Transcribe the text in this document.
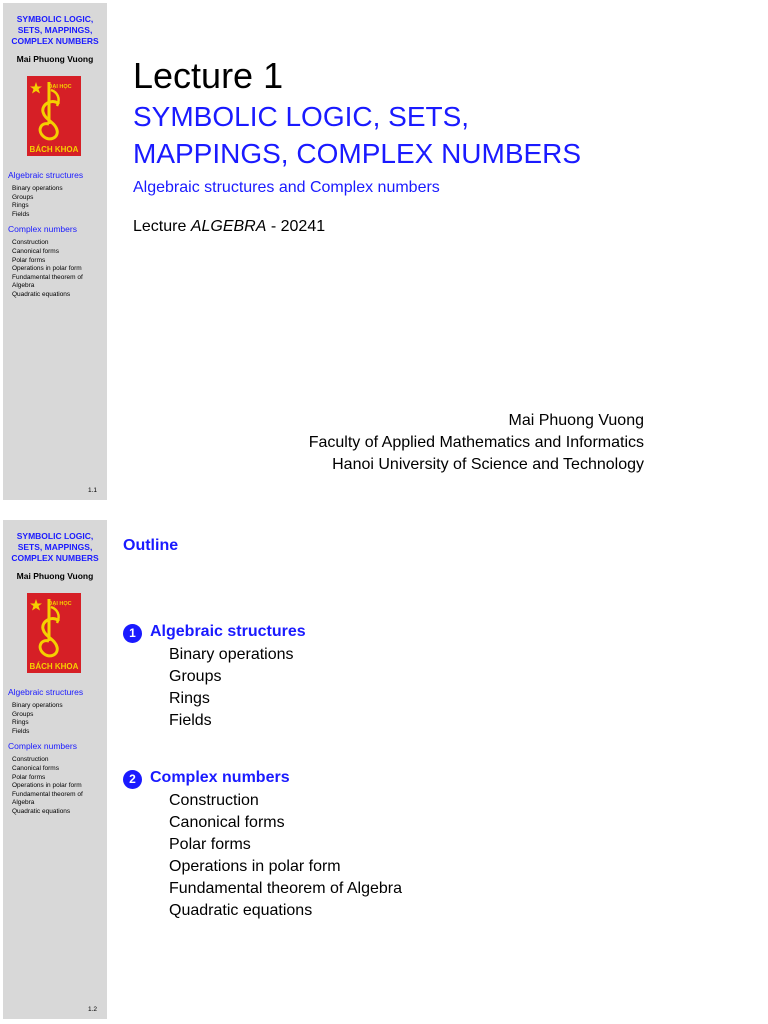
SYMBOLIC LOGIC,
SETS, MAPPINGS,
COMPLEX NUMBERS
Mai Phuong Vuong
ĐẠI HỌC
BÁCH KHOA
Algebraic structures
Binary operations
Groups
Rings
Fields
Complex numbers
Construction
Canonical forms
Polar forms
Operations in polar form
Fundamental theorem of Algebra
Quadratic equations
1.1
Lecture 1
SYMBOLIC LOGIC, SETS,
MAPPINGS, COMPLEX NUMBERS
Algebraic structures and Complex numbers
Lecture ALGEBRA - 20241
Mai Phuong Vuong
Faculty of Applied Mathematics and Informatics
Hanoi University of Science and Technology
SYMBOLIC LOGIC,
SETS, MAPPINGS,
COMPLEX NUMBERS
Mai Phuong Vuong
ĐẠI HỌC
BÁCH KHOA
Algebraic structures
Binary operations
Groups
Rings
Fields
Complex numbers
Construction
Canonical forms
Polar forms
Operations in polar form
Fundamental theorem of Algebra
Quadratic equations
1.2
Outline
1 Algebraic structures
Binary operations
Groups
Rings
Fields
2 Complex numbers
Construction
Canonical forms
Polar forms
Operations in polar form
Fundamental theorem of Algebra
Quadratic equations
